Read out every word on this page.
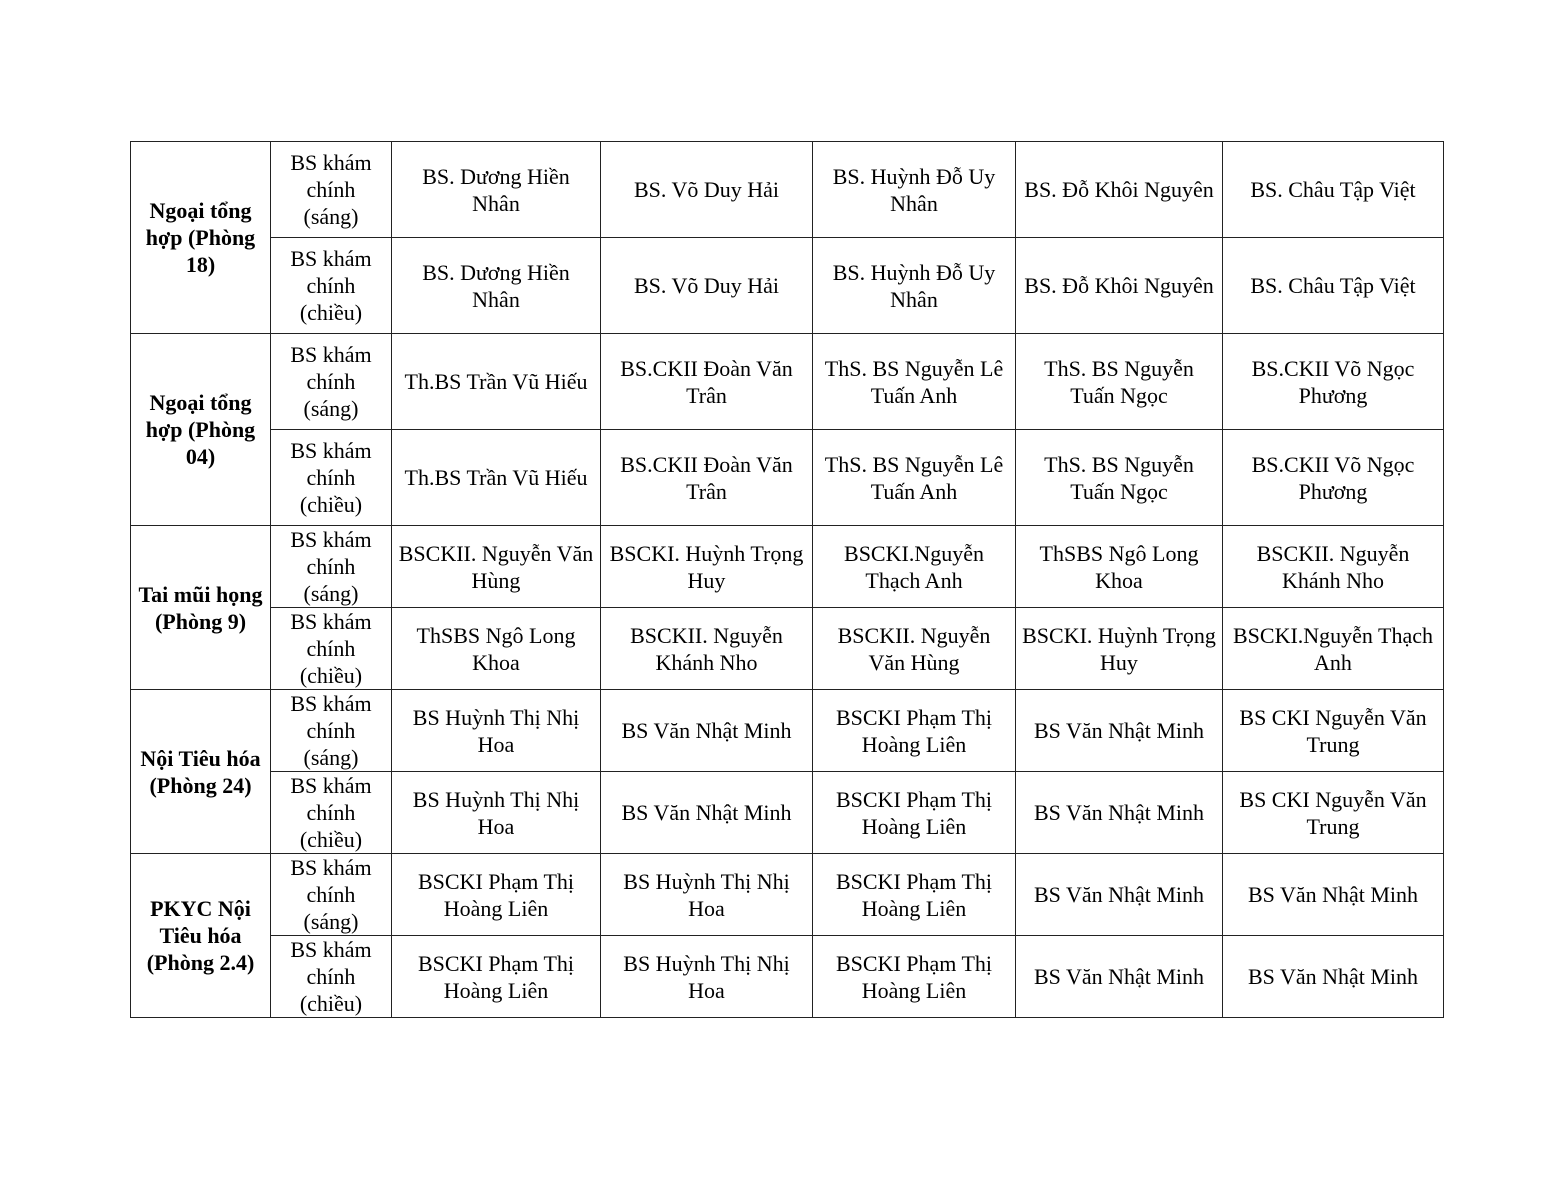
Ngoại tổng hợp (Phòng 18)	BS khám chính (sáng)	BS. Dương Hiền Nhân	BS. Võ Duy Hải	BS. Huỳnh Đỗ Uy Nhân	BS. Đỗ Khôi Nguyên	BS. Châu Tập Việt
	BS khám chính (chiều)	BS. Dương Hiền Nhân	BS. Võ Duy Hải	BS. Huỳnh Đỗ Uy Nhân	BS. Đỗ Khôi Nguyên	BS. Châu Tập Việt
Ngoại tổng hợp (Phòng 04)	BS khám chính (sáng)	Th.BS Trần Vũ Hiếu	BS.CKII Đoàn Văn Trân	ThS. BS Nguyễn Lê Tuấn Anh	ThS. BS Nguyễn Tuấn Ngọc	BS.CKII Võ Ngọc Phương
	BS khám chính (chiều)	Th.BS Trần Vũ Hiếu	BS.CKII Đoàn Văn Trân	ThS. BS Nguyễn Lê Tuấn Anh	ThS. BS Nguyễn Tuấn Ngọc	BS.CKII Võ Ngọc Phương
Tai mũi họng (Phòng 9)	BS khám chính (sáng)	BSCKII. Nguyễn Văn Hùng	BSCKI. Huỳnh Trọng Huy	BSCKI.Nguyễn Thạch Anh	ThSBS Ngô Long Khoa	BSCKII. Nguyễn Khánh Nho
	BS khám chính (chiều)	ThSBS Ngô Long Khoa	BSCKII. Nguyễn Khánh Nho	BSCKII. Nguyễn Văn Hùng	BSCKI. Huỳnh Trọng Huy	BSCKI.Nguyễn Thạch Anh
Nội Tiêu hóa (Phòng 24)	BS khám chính (sáng)	BS Huỳnh Thị Nhị Hoa	BS Văn Nhật Minh	BSCKI Phạm Thị Hoàng Liên	BS Văn Nhật Minh	BS CKI Nguyễn Văn Trung
	BS khám chính (chiều)	BS Huỳnh Thị Nhị Hoa	BS Văn Nhật Minh	BSCKI Phạm Thị Hoàng Liên	BS Văn Nhật Minh	BS CKI Nguyễn Văn Trung
PKYC Nội Tiêu hóa (Phòng 2.4)	BS khám chính (sáng)	BSCKI Phạm Thị Hoàng Liên	BS Huỳnh Thị Nhị Hoa	BSCKI Phạm Thị Hoàng Liên	BS Văn Nhật Minh	BS Văn Nhật Minh
	BS khám chính (chiều)	BSCKI Phạm Thị Hoàng Liên	BS Huỳnh Thị Nhị Hoa	BSCKI Phạm Thị Hoàng Liên	BS Văn Nhật Minh	BS Văn Nhật Minh
